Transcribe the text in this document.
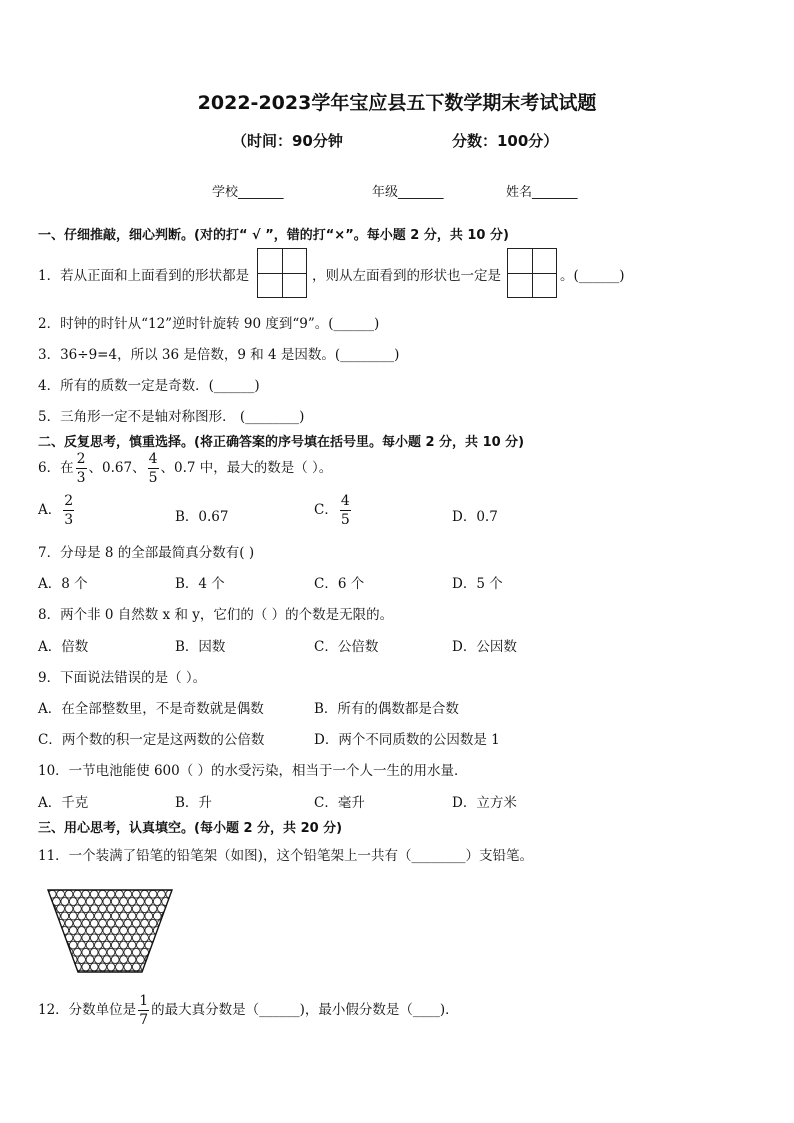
2022-2023学年宝应县五下数学期末考试试题
（时间：90分钟	分数：100分）
学校_______	年级_______	姓名_______
一、仔细推敲，细心判断。(对的打“ √ ”，错的打“×”。每小题 2 分，共 10 分)
1．若从正面和上面看到的形状都是	，则从左面看到的形状也一定是	。(______)
2．时钟的时针从“12”逆时针旋转 90 度到“9”。(______)
3．36÷9=4，所以 36 是倍数，9 和 4 是因数。(________)
4．所有的质数一定是奇数．(______)
5．三角形一定不是轴对称图形． (________)
二、反复思考，慎重选择。(将正确答案的序号填在括号里。每小题 2 分，共 10 分)
6．在 $\frac{2}{3}$ 、0.67、 $\frac{4}{5}$ 、0.7 中，最大的数是（ ）。
A． $\frac{2}{3}$	B．0.67	C． $\frac{4}{5}$	D．0.7
7．分母是 8 的全部最简真分数有( )
A．8 个	B．4 个	C．6 个	D．5 个
8．两个非 0 自然数 x 和 y，它们的（ ）的个数是无限的。
A．倍数	B．因数	C．公倍数	D．公因数
9．下面说法错误的是（ ）。
A．在全部整数里，不是奇数就是偶数	B．所有的偶数都是合数
C．两个数的积一定是这两数的公倍数	D．两个不同质数的公因数是 1
10．一节电池能使 600（ ）的水受污染，相当于一个人一生的用水量．
A．千克	B．升	C．毫升	D．立方米
三、用心思考，认真填空。(每小题 2 分，共 20 分)
11．一个装满了铅笔的铅笔架（如图)，这个铅笔架上一共有（________）支铅笔。
12．分数单位是 $\frac{1}{7}$ 的最大真分数是（______)，最小假分数是（____)．
